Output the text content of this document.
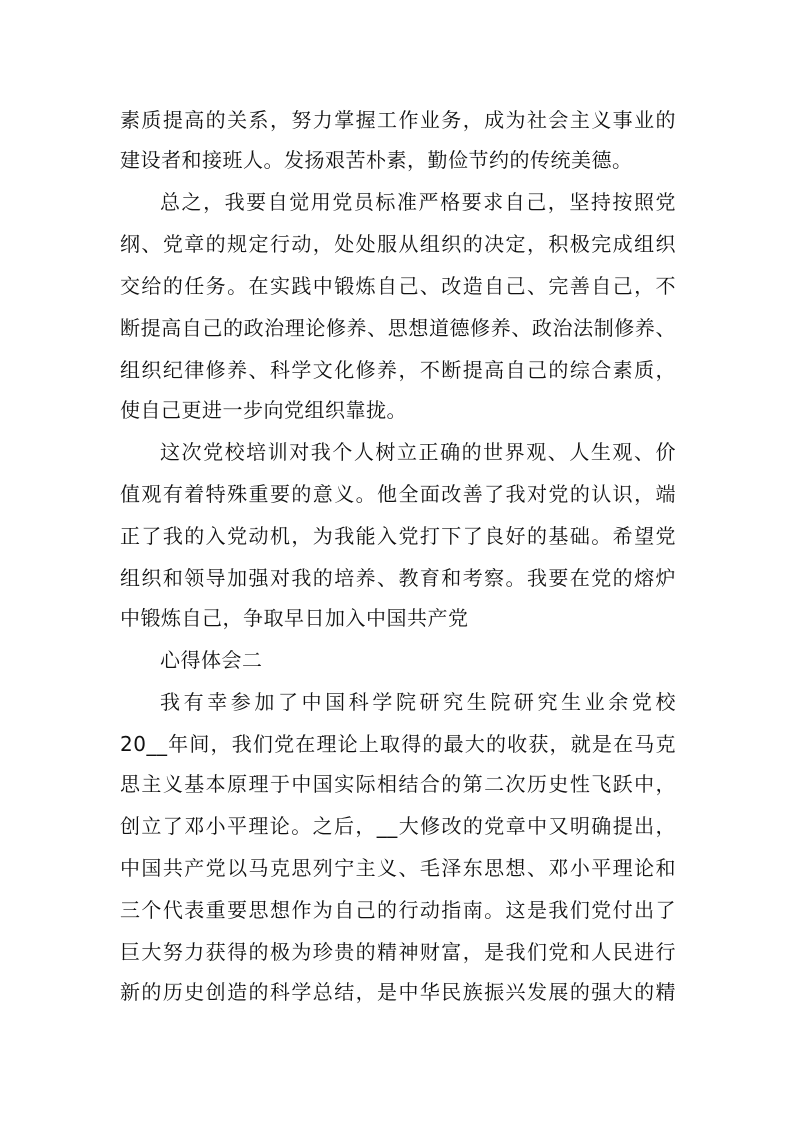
素质提高的关系，努力掌握工作业务，成为社会主义事业的
建设者和接班人。发扬艰苦朴素，勤俭节约的传统美德。
总之，我要自觉用党员标准严格要求自己，坚持按照党
纲、党章的规定行动，处处服从组织的决定，积极完成组织
交给的任务。在实践中锻炼自己、改造自己、完善自己，不
断提高自己的政治理论修养、思想道德修养、政治法制修养、
组织纪律修养、科学文化修养，不断提高自己的综合素质，
使自己更进一步向党组织靠拢。
这次党校培训对我个人树立正确的世界观、人生观、价
值观有着特殊重要的意义。他全面改善了我对党的认识，端
正了我的入党动机，为我能入党打下了良好的基础。希望党
组织和领导加强对我的培养、教育和考察。我要在党的熔炉
中锻炼自己，争取早日加入中国共产党
心得体会二
我有幸参加了中国科学院研究生院研究生业余党校
20__年间，我们党在理论上取得的最大的收获，就是在马克
思主义基本原理于中国实际相结合的第二次历史性飞跃中，
创立了邓小平理论。之后，__大修改的党章中又明确提出，
中国共产党以马克思列宁主义、毛泽东思想、邓小平理论和
三个代表重要思想作为自己的行动指南。这是我们党付出了
巨大努力获得的极为珍贵的精神财富，是我们党和人民进行
新的历史创造的科学总结，是中华民族振兴发展的强大的精
